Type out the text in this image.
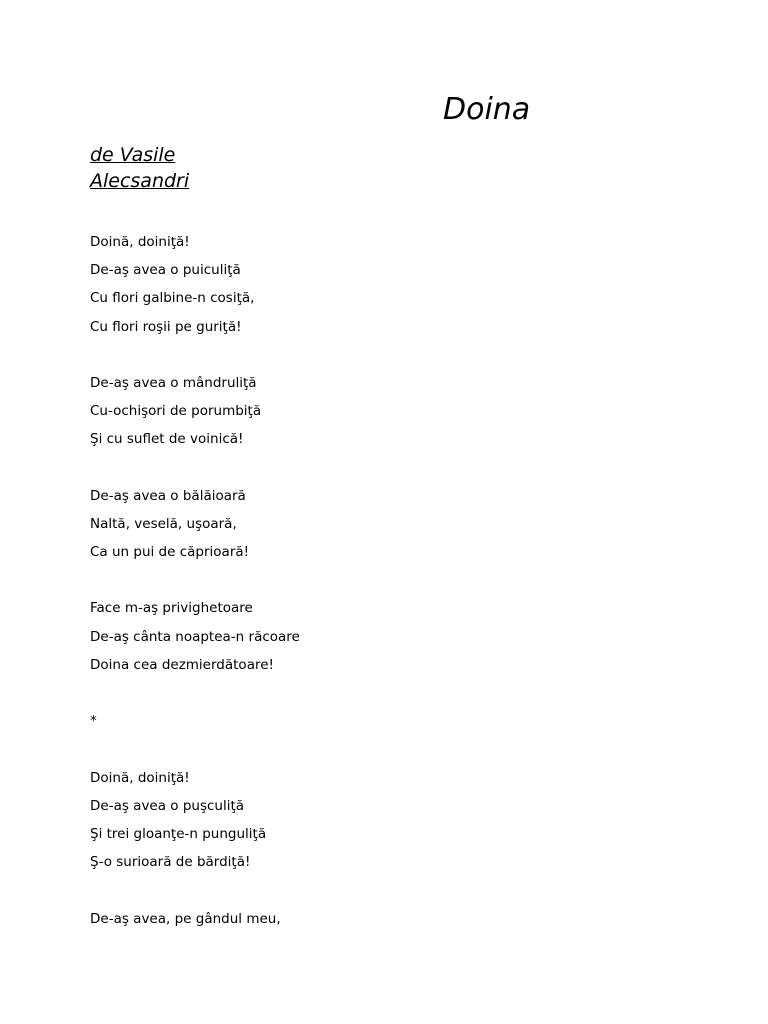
Doina
de Vasile
Alecsandri
Doină, doiniţă!
De-aş avea o puiculiţă
Cu flori galbine-n cosiţă,
Cu flori roşii pe guriţă!
De-aş avea o mândruliţă
Cu-ochişori de porumbiţă
Şi cu suflet de voinică!
De-aş avea o bălăioară
Naltă, veselă, uşoară,
Ca un pui de căprioară!
Face m-aş privighetoare
De-aş cânta noaptea-n răcoare
Doina cea dezmierdătoare!
*
Doină, doiniţă!
De-aş avea o puşculiţă
Şi trei gloanţe-n punguliţă
Ş-o surioară de bărdiţă!
De-aş avea, pe gândul meu,
